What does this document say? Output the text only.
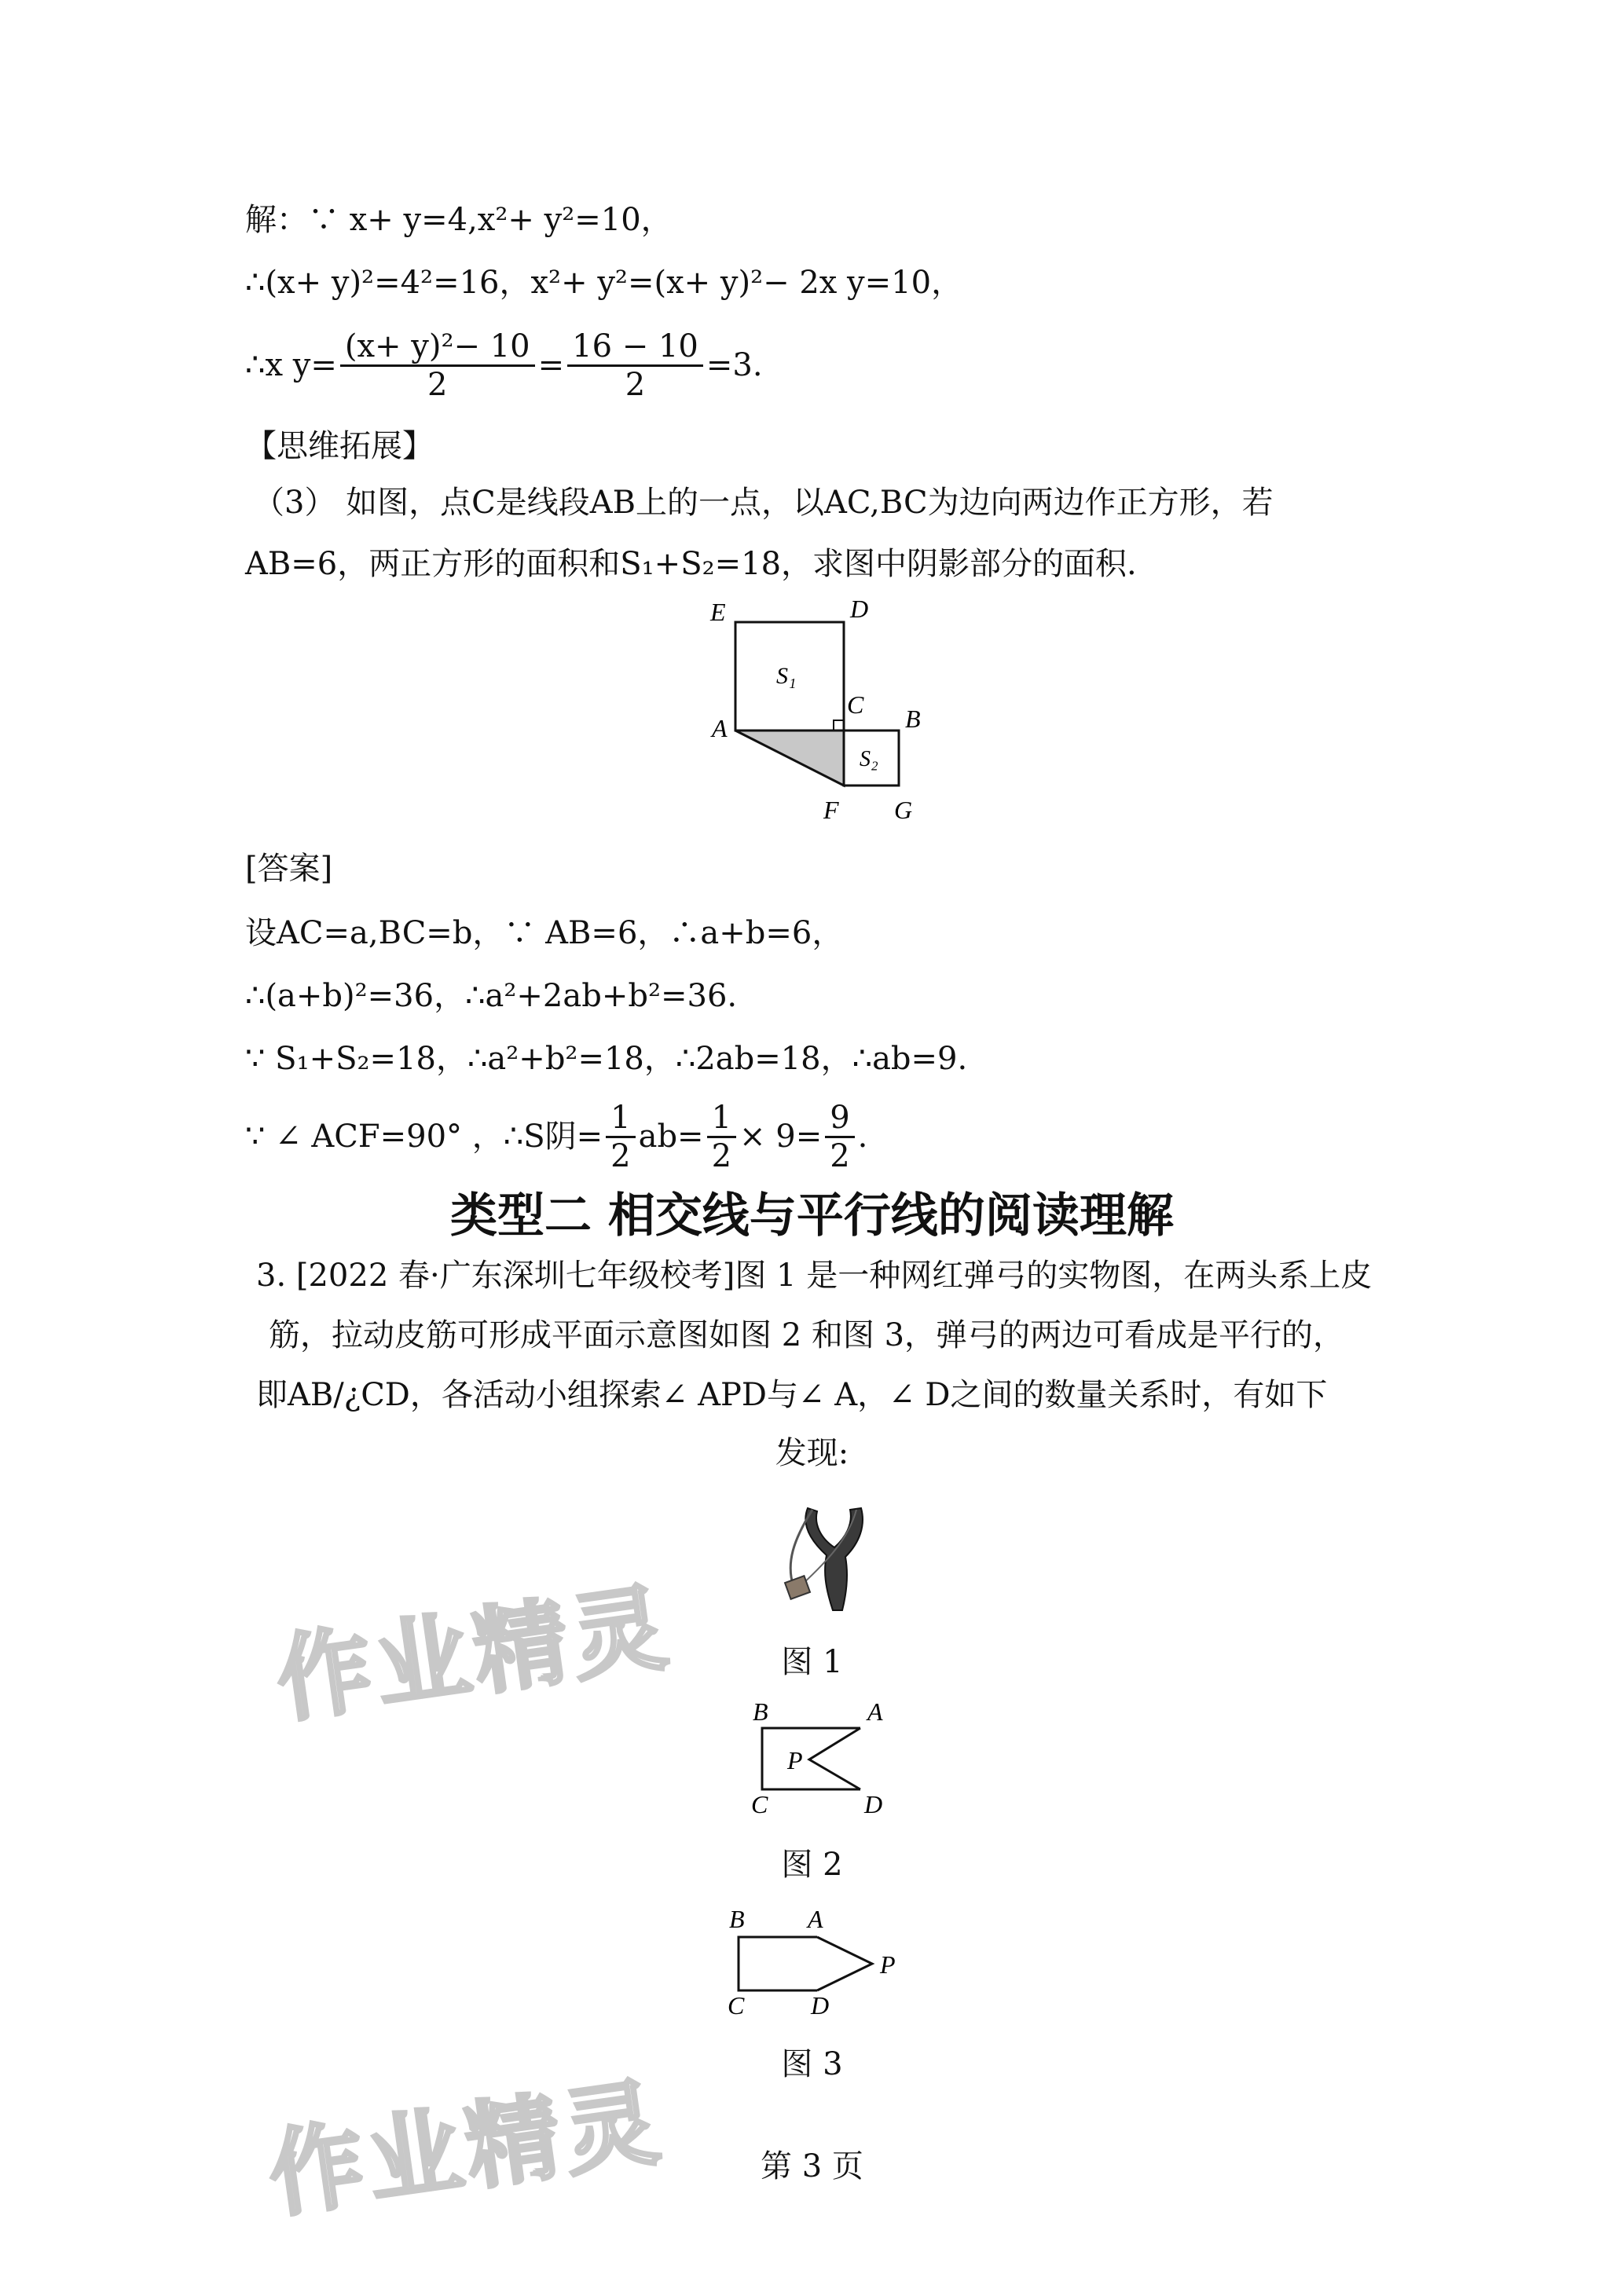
解：∵ x+ y=4,x²+ y²=10，
∴(x+ y)²=4²=16，x²+ y²=(x+ y)²− 2x y=10，
∴x $y= \frac{\text{(x+ y)²− 10}}{2} = \frac{16 - 10}{2} =3$.
【思维拓展】
（3） 如图，点C是线段AB上的一点，以AC,BC为边向两边作正方形，若
AB=6，两正方形的面积和S₁+S₂=18，求图中阴影部分的面积.
E	D
S₁
C B
A
S₂
F G
[答案]
设AC=a,BC=b，∵ AB=6，∴a+b=6，
∴(a+b)²=36，∴a²+2ab+b²=36.
∵ S₁+S₂=18，∴a²+b²=18，∴2ab=18，∴ab=9.
∵ ∠ ACF=90° ，∴S阴= $\frac{1}{2} ab= \frac{1}{2} \times 9= \frac{9}{2}$ .
类型二 相交线与平行线的阅读理解
3. [2022 春·广东深圳七年级校考]图 1 是一种网红弹弓的实物图，在两头系上皮
筋，拉动皮筋可形成平面示意图如图 2 和图 3，弹弓的两边可看成是平行的，
即AB/¿CD，各活动小组探索∠ APD与∠ A，∠ D之间的数量关系时，有如下
发现:
图 1
B	A
P
C	D
图 2
B	A
P
C	D
图 3
作业精灵
作业精灵	第 3 页
